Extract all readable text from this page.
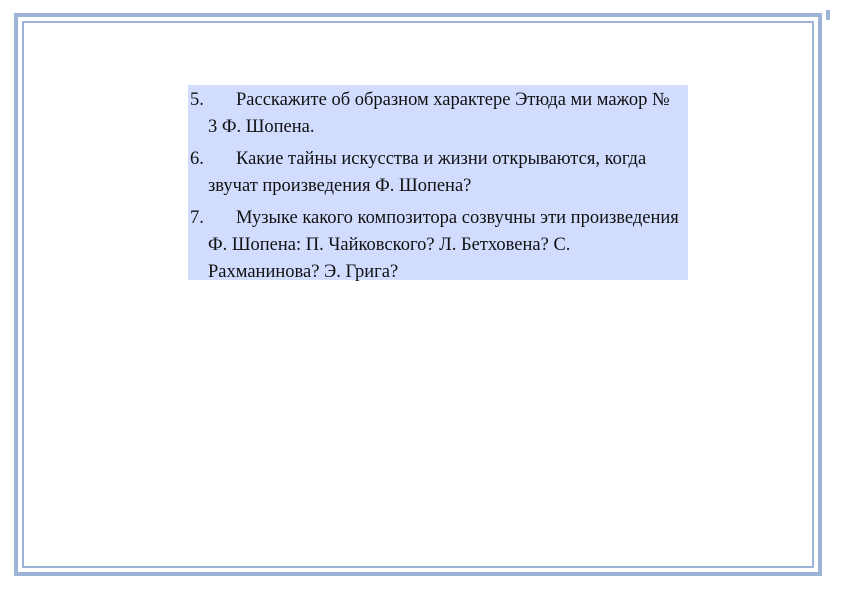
5. Расскажите об образном характере Этюда ми мажор № 3 Ф. Шопена.
6. Какие тайны искусства и жизни открываются, когда звучат произведения Ф. Шопена?
7. Музыке какого композитора созвучны эти произведения Ф. Шопена: П. Чайковского? Л. Бетховена? С. Рахманинова? Э. Грига?
